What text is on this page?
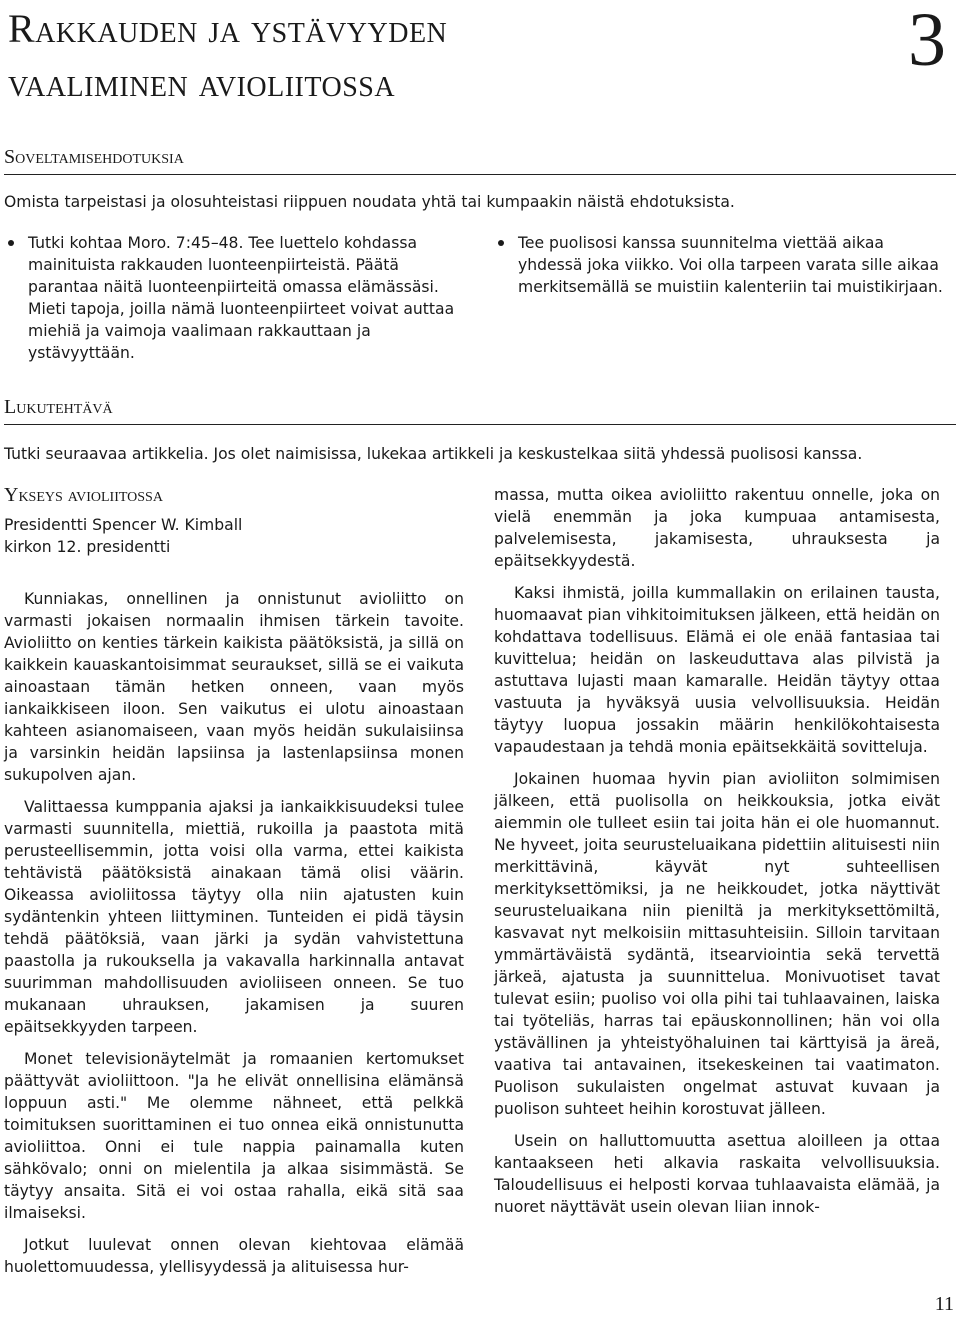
Rakkauden ja ystävyyden
vaaliminen avioliitossa
3
Soveltamisehdotuksia

Omista tarpeistasi ja olosuhteistasi riippuen noudata yhtä tai kumpaakin näistä ehdotuksista.

Tutki kohtaa Moro. 7:45–48. Tee luettelo kohdassa mainituista rakkauden luonteenpiirteistä. Päätä parantaa näitä luonteenpiirteitä omassa elämässäsi. Mieti tapoja, joilla nämä luonteenpiirteet voivat auttaa miehiä ja vaimoja vaalimaan rakkauttaan ja ystävyyttään.
Tee puolisosi kanssa suunnitelma viettää aikaa yhdessä joka viikko. Voi olla tarpeen varata sille aikaa merkitsemällä se muistiin kalenteriin tai muistikirjaan.
Lukutehtävä

Tutki seuraavaa artikkelia. Jos olet naimisissa, lukekaa artikkeli ja keskustelkaa siitä yhdessä puolisosi kanssa.

Ykseys avioliitossa
Presidentti Spencer W. Kimball
kirkon 12. presidentti

Kunniakas, onnellinen ja onnistunut avioliitto on varmasti jokaisen normaalin ihmisen tärkein tavoite. Avioliitto on kenties tärkein kaikista päätöksistä, ja sillä on kaikkein kauaskantoisimmat seuraukset, sillä se ei vaikuta ainoastaan tämän hetken onneen, vaan myös iankaikkiseen iloon. Sen vaikutus ei ulotu ainoastaan kahteen asianomaiseen, vaan myös heidän sukulaisiinsa ja varsinkin heidän lapsiinsa ja lastenlapsiinsa monen sukupolven ajan.

Valittaessa kumppania ajaksi ja iankaikkisuudeksi tulee varmasti suunnitella, miettiä, rukoilla ja paastota mitä perusteellisemmin, jotta voisi olla varma, ettei kaikista tehtävistä päätöksistä ainakaan tämä olisi väärin. Oikeassa avioliitossa täytyy olla niin ajatusten kuin sydäntenkin yhteen liittyminen. Tunteiden ei pidä täysin tehdä päätöksiä, vaan järki ja sydän vahvistettuna paastolla ja rukouksella ja vakavalla harkinnalla antavat suurimman mahdollisuuden avioliiseen onneen. Se tuo mukanaan uhrauksen, jakamisen ja suuren epäitsekkyyden tarpeen.

Monet televisionäytelmät ja romaanien kertomukset päättyvät avioliittoon. "Ja he elivät onnellisina elämänsä loppuun asti." Me olemme nähneet, että pelkkä toimituksen suorittaminen ei tuo onnea eikä onnistunutta avioliittoa. Onni ei tule nappia painamalla kuten sähkövalo; onni on mielentila ja alkaa sisimmästä. Se täytyy ansaita. Sitä ei voi ostaa rahalla, eikä sitä saa ilmaiseksi.

Jotkut luulevat onnen olevan kiehtovaa elämää huolettomuudessa, ylellisyydessä ja alituisessa hur-

massa, mutta oikea avioliitto rakentuu onnelle, joka on vielä enemmän ja joka kumpuaa antamisesta, palvelemisesta, jakamisesta, uhrauksesta ja epäitsekkyydestä.

Kaksi ihmistä, joilla kummallakin on erilainen tausta, huomaavat pian vihkitoimituksen jälkeen, että heidän on kohdattava todellisuus. Elämä ei ole enää fantasiaa tai kuvittelua; heidän on laskeuduttava alas pilvistä ja astuttava lujasti maan kamaralle. Heidän täytyy ottaa vastuuta ja hyväksyä uusia velvollisuuksia. Heidän täytyy luopua jossakin määrin henkilökohtaisesta vapaudestaan ja tehdä monia epäitsekkäitä sovitteluja.

Jokainen huomaa hyvin pian avioliiton solmimisen jälkeen, että puolisolla on heikkouksia, jotka eivät aiemmin ole tulleet esiin tai joita hän ei ole huomannut. Ne hyveet, joita seurusteluaikana pidettiin alituisesti niin merkittävinä, käyvät nyt suhteellisen merkityksettömiksi, ja ne heikkoudet, jotka näyttivät seurusteluaikana niin pieniltä ja merkityksettömiltä, kasvavat nyt melkoisiin mittasuhteisiin. Silloin tarvitaan ymmärtäväistä sydäntä, itsearviointia sekä tervettä järkeä, ajatusta ja suunnittelua. Monivuotiset tavat tulevat esiin; puoliso voi olla pihi tai tuhlaavainen, laiska tai työteliäs, harras tai epäuskonnollinen; hän voi olla ystävällinen ja yhteistyöhaluinen tai kärttyisä ja äreä, vaativa tai antavainen, itsekeskeinen tai vaatimaton. Puolison sukulaisten ongelmat astuvat kuvaan ja puolison suhteet heihin korostuvat jälleen.

Usein on halluttomuutta asettua aloilleen ja ottaa kantaakseen heti alkavia raskaita velvollisuuksia. Taloudellisuus ei helposti korvaa tuhlaavaista elämää, ja nuoret näyttävät usein olevan liian innok-

11
